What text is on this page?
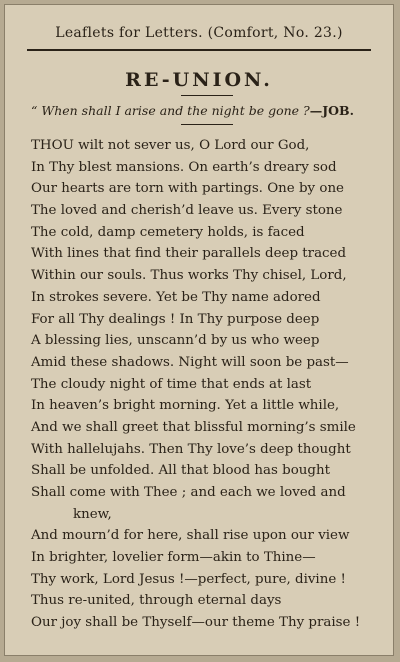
Leaflets for Letters. (Comfort, No. 23.)
RE-UNION.
“ When shall I arise and the night be gone ?—JOB.
THOU wilt not sever us, O Lord our God,
In Thy blest mansions. On earth’s dreary sod
Our hearts are torn with partings. One by one
The loved and cherish’d leave us. Every stone
The cold, damp cemetery holds, is faced
With lines that find their parallels deep traced
Within our souls. Thus works Thy chisel, Lord,
In strokes severe. Yet be Thy name adored
For all Thy dealings ! In Thy purpose deep
A blessing lies, unscann’d by us who weep
Amid these shadows. Night will soon be past—
The cloudy night of time that ends at last
In heaven’s bright morning. Yet a little while,
And we shall greet that blissful morning’s smile
With hallelujahs. Then Thy love’s deep thought
Shall be unfolded. All that blood has bought
Shall come with Thee ; and each we loved and
knew,
And mourn’d for here, shall rise upon our view
In brighter, lovelier form—akin to Thine—
Thy work, Lord Jesus !—perfect, pure, divine !
Thus re-united, through eternal days
Our joy shall be Thyself—our theme Thy praise !
